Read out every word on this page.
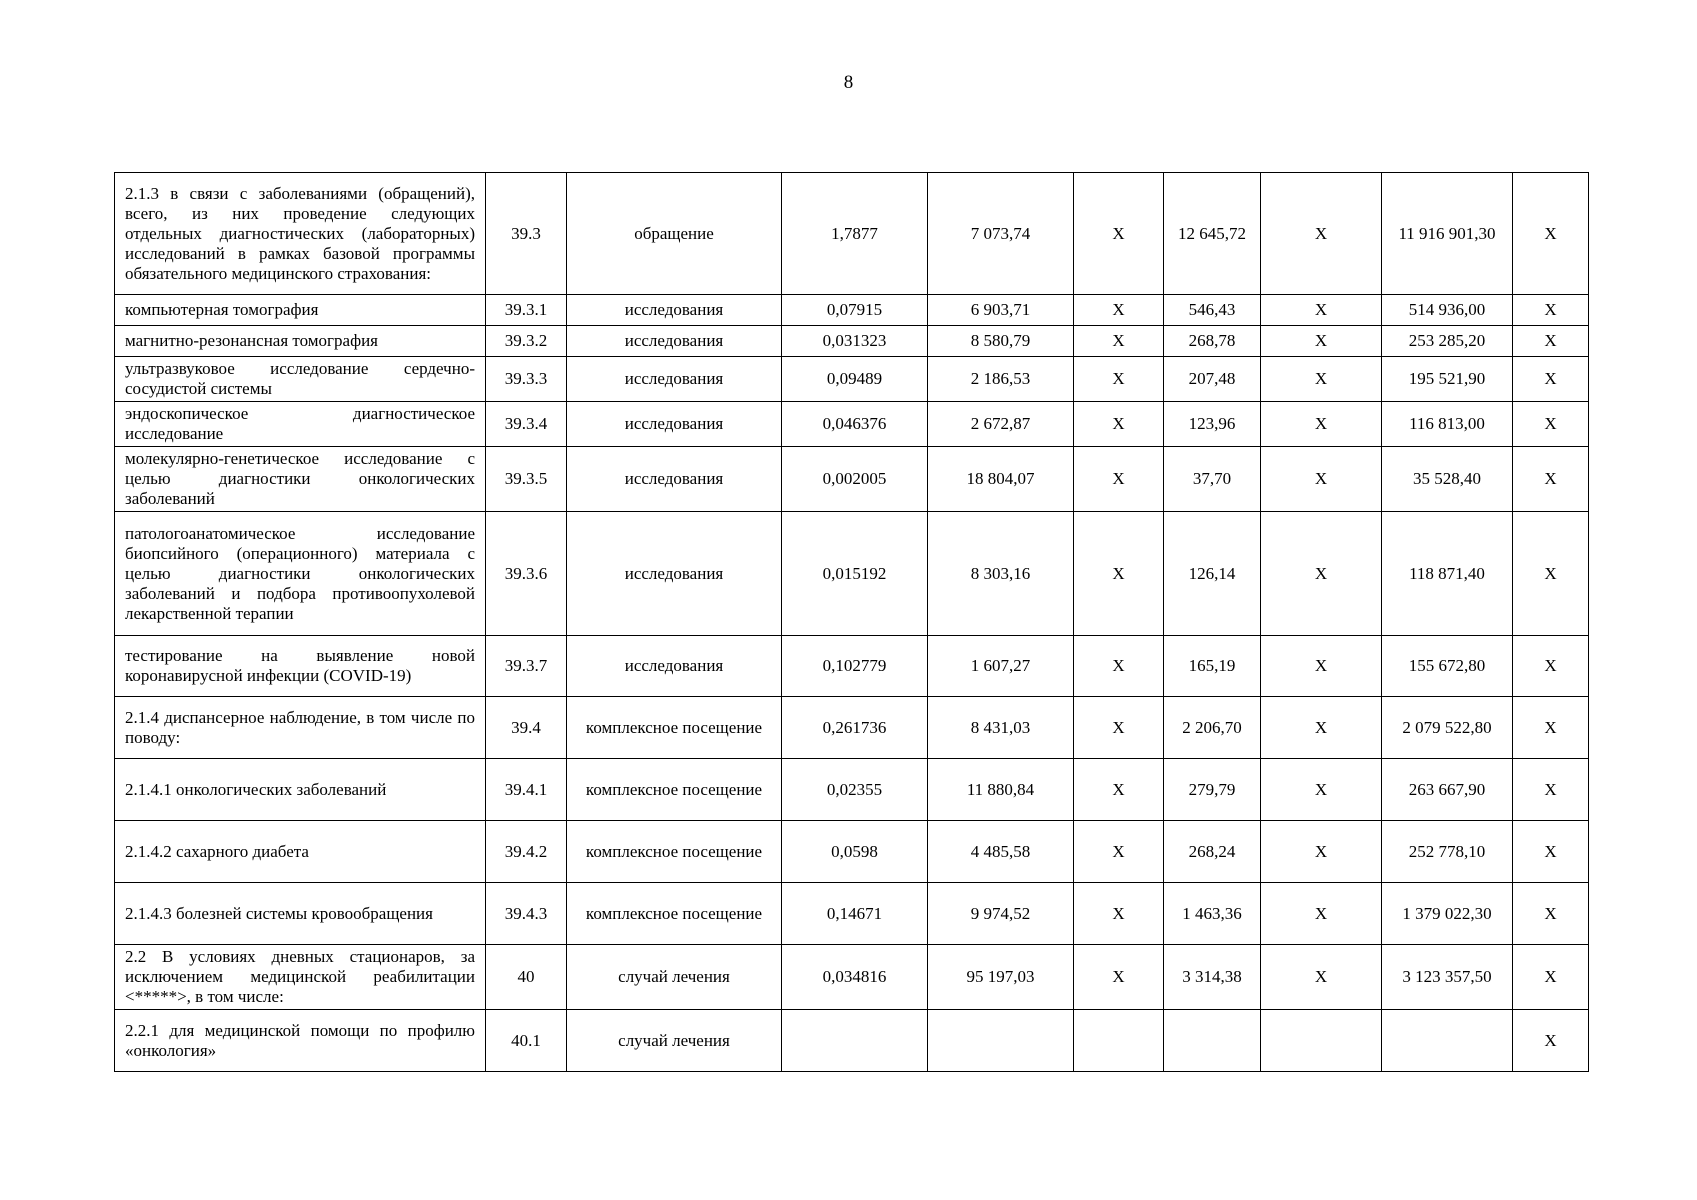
8
2.1.3 в связи с заболеваниями (обращений), всего, из них проведение следующих отдельных диагностических (лабораторных) исследований в рамках базовой программы обязательного медицинского страхования:	39.3	обращение	1,7877	7 073,74	Х	12 645,72	Х	11 916 901,30	Х
компьютерная томография	39.3.1	исследования	0,07915	6 903,71	Х	546,43	Х	514 936,00	Х
магнитно-резонансная томография	39.3.2	исследования	0,031323	8 580,79	Х	268,78	Х	253 285,20	Х
ультразвуковое исследование сердечно-сосудистой системы	39.3.3	исследования	0,09489	2 186,53	Х	207,48	Х	195 521,90	Х
эндоскопическое диагностическое исследование	39.3.4	исследования	0,046376	2 672,87	Х	123,96	Х	116 813,00	Х
молекулярно-генетическое исследование с целью диагностики онкологических заболеваний	39.3.5	исследования	0,002005	18 804,07	Х	37,70	Х	35 528,40	Х
патологоанатомическое исследование биопсийного (операционного) материала с целью диагностики онкологических заболеваний и подбора противоопухолевой лекарственной терапии	39.3.6	исследования	0,015192	8 303,16	Х	126,14	Х	118 871,40	Х
тестирование на выявление новой коронавирусной инфекции (COVID-19)	39.3.7	исследования	0,102779	1 607,27	Х	165,19	Х	155 672,80	Х
2.1.4 диспансерное наблюдение, в том числе по поводу:	39.4	комплексное посещение	0,261736	8 431,03	Х	2 206,70	Х	2 079 522,80	Х
2.1.4.1 онкологических заболеваний	39.4.1	комплексное посещение	0,02355	11 880,84	Х	279,79	Х	263 667,90	Х
2.1.4.2 сахарного диабета	39.4.2	комплексное посещение	0,0598	4 485,58	Х	268,24	Х	252 778,10	Х
2.1.4.3 болезней системы кровообращения	39.4.3	комплексное посещение	0,14671	9 974,52	Х	1 463,36	Х	1 379 022,30	Х
2.2 В условиях дневных стационаров, за исключением медицинской реабилитации <*****>, в том числе:	40	случай лечения	0,034816	95 197,03	Х	3 314,38	Х	3 123 357,50	Х
2.2.1 для медицинской помощи по профилю «онкология»	40.1	случай лечения							Х
